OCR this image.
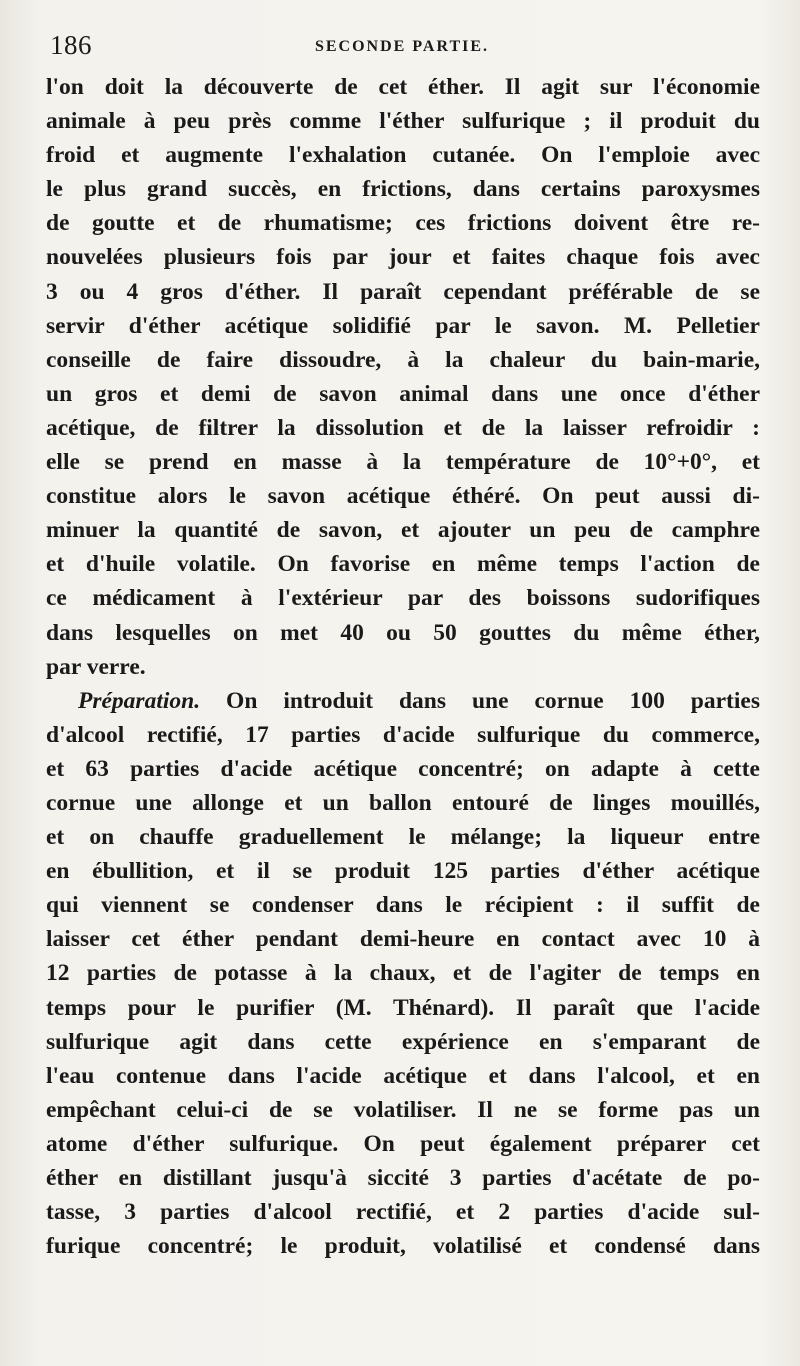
186	SECONDE PARTIE.
l'on doit la découverte de cet éther. Il agit sur l'économie
animale à peu près comme l'éther sulfurique ; il produit du
froid et augmente l'exhalation cutanée. On l'emploie avec
le plus grand succès, en frictions, dans certains paroxysmes
de goutte et de rhumatisme; ces frictions doivent être re-
nouvelées plusieurs fois par jour et faites chaque fois avec
3 ou 4 gros d'éther. Il paraît cependant préférable de se
servir d'éther acétique solidifié par le savon. M. Pelletier
conseille de faire dissoudre, à la chaleur du bain-marie,
un gros et demi de savon animal dans une once d'éther
acétique, de filtrer la dissolution et de la laisser refroidir :
elle se prend en masse à la température de 10°+0°, et
constitue alors le savon acétique éthéré. On peut aussi di-
minuer la quantité de savon, et ajouter un peu de camphre
et d'huile volatile. On favorise en même temps l'action de
ce médicament à l'extérieur par des boissons sudorifiques
dans lesquelles on met 40 ou 50 gouttes du même éther,
par verre.
Préparation. On introduit dans une cornue 100 parties
d'alcool rectifié, 17 parties d'acide sulfurique du commerce,
et 63 parties d'acide acétique concentré; on adapte à cette
cornue une allonge et un ballon entouré de linges mouillés,
et on chauffe graduellement le mélange; la liqueur entre
en ébullition, et il se produit 125 parties d'éther acétique
qui viennent se condenser dans le récipient : il suffit de
laisser cet éther pendant demi-heure en contact avec 10 à
12 parties de potasse à la chaux, et de l'agiter de temps en
temps pour le purifier (M. Thénard). Il paraît que l'acide
sulfurique agit dans cette expérience en s'emparant de
l'eau contenue dans l'acide acétique et dans l'alcool, et en
empêchant celui-ci de se volatiliser. Il ne se forme pas un
atome d'éther sulfurique. On peut également préparer cet
éther en distillant jusqu'à siccité 3 parties d'acétate de po-
tasse, 3 parties d'alcool rectifié, et 2 parties d'acide sul-
furique concentré; le produit, volatilisé et condensé dans
